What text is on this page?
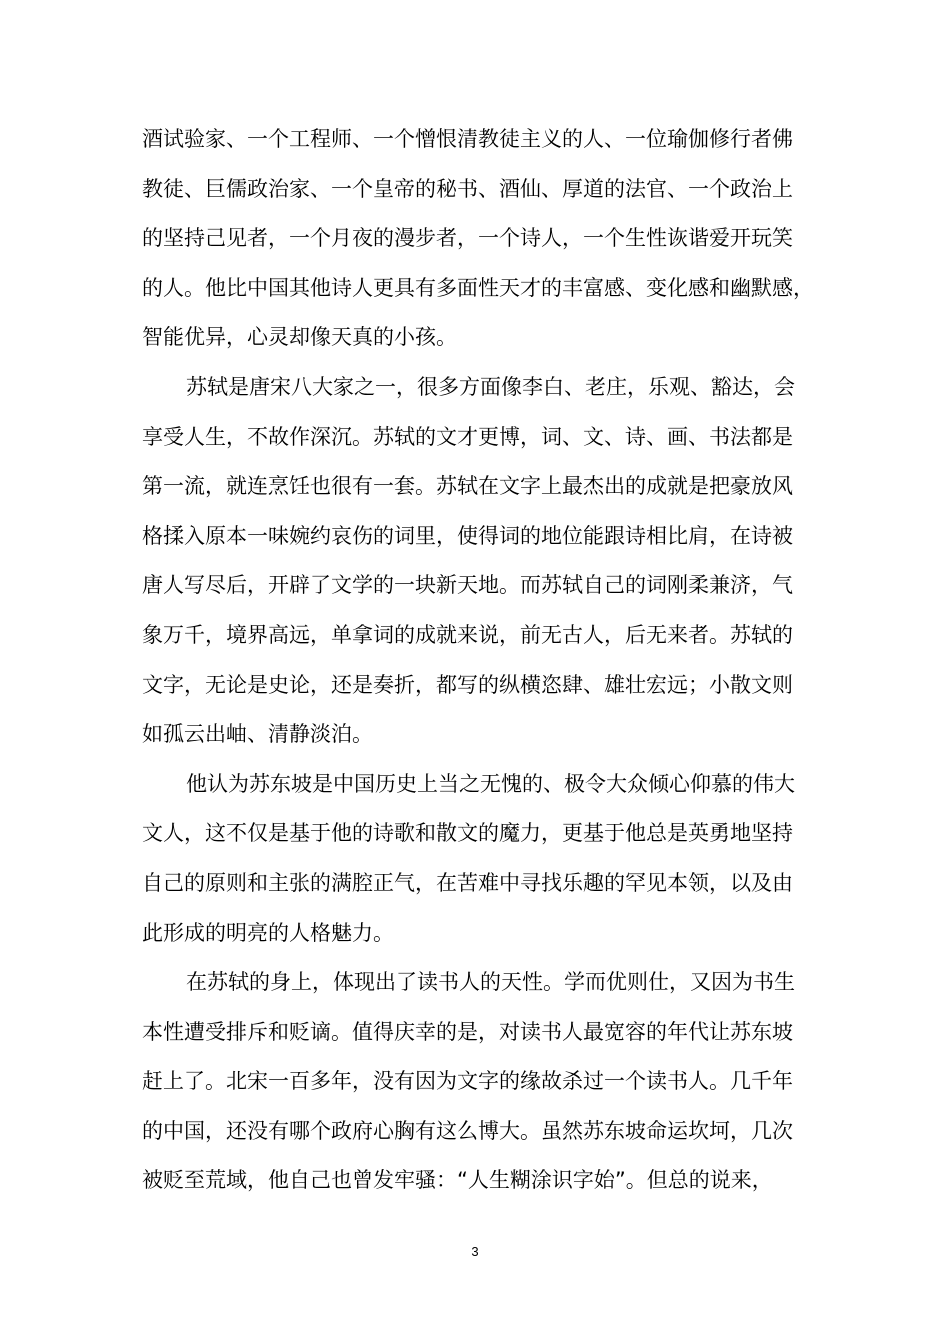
酒试验家、一个工程师、一个憎恨清教徒主义的人、一位瑜伽修行者佛
教徒、巨儒政治家、一个皇帝的秘书、酒仙、厚道的法官、一个政治上
的坚持己见者，一个月夜的漫步者，一个诗人，一个生性诙谐爱开玩笑
的人。他比中国其他诗人更具有多面性天才的丰富感、变化感和幽默感，
智能优异，心灵却像天真的小孩。
苏轼是唐宋八大家之一，很多方面像李白、老庄，乐观、豁达，会
享受人生，不故作深沉。苏轼的文才更博，词、文、诗、画、书法都是
第一流，就连烹饪也很有一套。苏轼在文字上最杰出的成就是把豪放风
格揉入原本一味婉约哀伤的词里，使得词的地位能跟诗相比肩，在诗被
唐人写尽后，开辟了文学的一块新天地。而苏轼自己的词刚柔兼济，气
象万千，境界高远，单拿词的成就来说，前无古人，后无来者。苏轼的
文字，无论是史论，还是奏折，都写的纵横恣肆、雄壮宏远；小散文则
如孤云出岫、清静淡泊。
他认为苏东坡是中国历史上当之无愧的、极令大众倾心仰慕的伟大
文人，这不仅是基于他的诗歌和散文的魔力，更基于他总是英勇地坚持
自己的原则和主张的满腔正气，在苦难中寻找乐趣的罕见本领，以及由
此形成的明亮的人格魅力。
在苏轼的身上，体现出了读书人的天性。学而优则仕，又因为书生
本性遭受排斥和贬谪。值得庆幸的是，对读书人最宽容的年代让苏东坡
赶上了。北宋一百多年，没有因为文字的缘故杀过一个读书人。几千年
的中国，还没有哪个政府心胸有这么博大。虽然苏东坡命运坎坷，几次
被贬至荒域，他自己也曾发牢骚：“人生糊涂识字始”。但总的说来，
3
